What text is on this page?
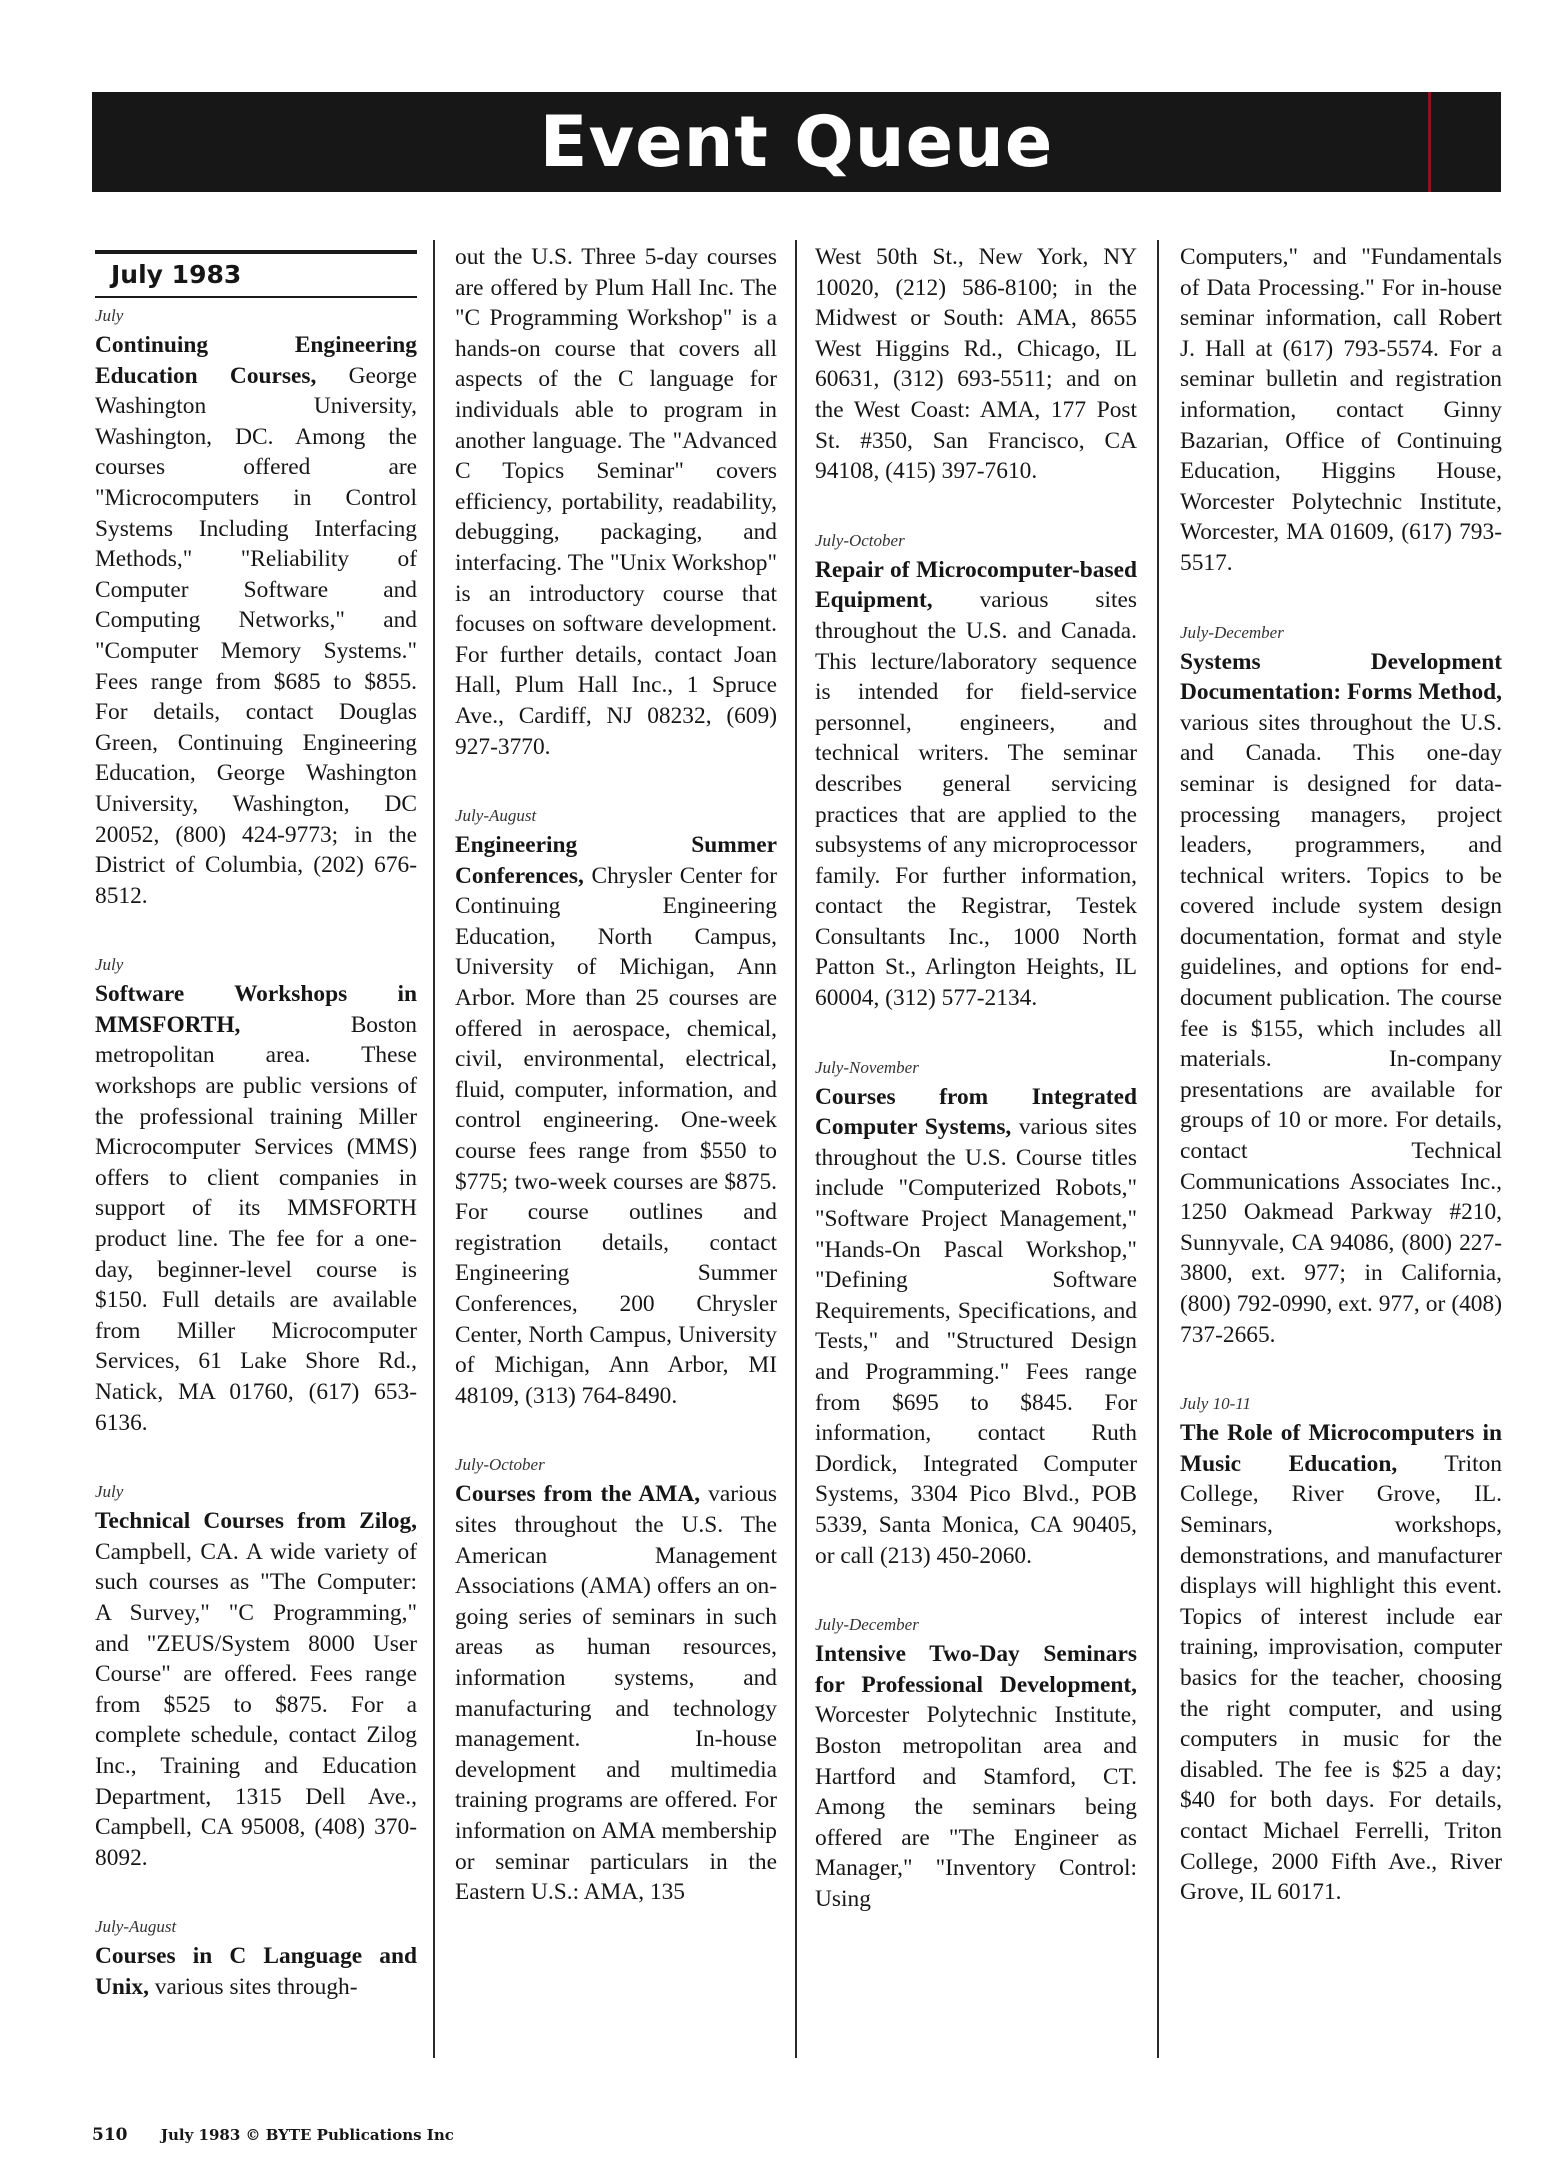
Event Queue
July 1983
July
Continuing Engineering Education Courses, George Washington University, Washington, DC. Among the courses offered are "Microcomputers in Control Systems Including Interfacing Methods," "Reliability of Computer Software and Computing Networks," and "Computer Memory Systems." Fees range from $685 to $855. For details, contact Douglas Green, Continuing Engineering Education, George Washington University, Washington, DC 20052, (800) 424-9773; in the District of Columbia, (202) 676-8512.
July
Software Workshops in MMSFORTH, Boston metropolitan area. These workshops are public versions of the professional training Miller Microcomputer Services (MMS) offers to client companies in support of its MMSFORTH product line. The fee for a one-day, beginner-level course is $150. Full details are available from Miller Microcomputer Services, 61 Lake Shore Rd., Natick, MA 01760, (617) 653-6136.
July
Technical Courses from Zilog, Campbell, CA. A wide variety of such courses as "The Computer: A Survey," "C Programming," and "ZEUS/System 8000 User Course" are offered. Fees range from $525 to $875. For a complete schedule, contact Zilog Inc., Training and Education Department, 1315 Dell Ave., Campbell, CA 95008, (408) 370-8092.
July-August
Courses in C Language and Unix, various sites through-
out the U.S. Three 5-day courses are offered by Plum Hall Inc. The "C Programming Workshop" is a hands-on course that covers all aspects of the C language for individuals able to program in another language. The "Advanced C Topics Seminar" covers efficiency, portability, readability, debugging, packaging, and interfacing. The "Unix Workshop" is an introductory course that focuses on software development. For further details, contact Joan Hall, Plum Hall Inc., 1 Spruce Ave., Cardiff, NJ 08232, (609) 927-3770.
July-August
Engineering Summer Conferences, Chrysler Center for Continuing Engineering Education, North Campus, University of Michigan, Ann Arbor. More than 25 courses are offered in aerospace, chemical, civil, environmental, electrical, fluid, computer, information, and control engineering. One-week course fees range from $550 to $775; two-week courses are $875. For course outlines and registration details, contact Engineering Summer Conferences, 200 Chrysler Center, North Campus, University of Michigan, Ann Arbor, MI 48109, (313) 764-8490.
July-October
Courses from the AMA, various sites throughout the U.S. The American Management Associations (AMA) offers an on-going series of seminars in such areas as human resources, information systems, and manufacturing and technology management. In-house development and multimedia training programs are offered. For information on AMA membership or seminar particulars in the Eastern U.S.: AMA, 135
West 50th St., New York, NY 10020, (212) 586-8100; in the Midwest or South: AMA, 8655 West Higgins Rd., Chicago, IL 60631, (312) 693-5511; and on the West Coast: AMA, 177 Post St. #350, San Francisco, CA 94108, (415) 397-7610.
July-October
Repair of Microcomputer-based Equipment, various sites throughout the U.S. and Canada. This lecture/laboratory sequence is intended for field-service personnel, engineers, and technical writers. The seminar describes general servicing practices that are applied to the subsystems of any microprocessor family. For further information, contact the Registrar, Testek Consultants Inc., 1000 North Patton St., Arlington Heights, IL 60004, (312) 577-2134.
July-November
Courses from Integrated Computer Systems, various sites throughout the U.S. Course titles include "Computerized Robots," "Software Project Management," "Hands-On Pascal Workshop," "Defining Software Requirements, Specifications, and Tests," and "Structured Design and Programming." Fees range from $695 to $845. For information, contact Ruth Dordick, Integrated Computer Systems, 3304 Pico Blvd., POB 5339, Santa Monica, CA 90405, or call (213) 450-2060.
July-December
Intensive Two-Day Seminars for Professional Development, Worcester Polytechnic Institute, Boston metropolitan area and Hartford and Stamford, CT. Among the seminars being offered are "The Engineer as Manager," "Inventory Control: Using
Computers," and "Fundamentals of Data Processing." For in-house seminar information, call Robert J. Hall at (617) 793-5574. For a seminar bulletin and registration information, contact Ginny Bazarian, Office of Continuing Education, Higgins House, Worcester Polytechnic Institute, Worcester, MA 01609, (617) 793-5517.
July-December
Systems Development Documentation: Forms Method, various sites throughout the U.S. and Canada. This one-day seminar is designed for data-processing managers, project leaders, programmers, and technical writers. Topics to be covered include system design documentation, format and style guidelines, and options for end-document publication. The course fee is $155, which includes all materials. In-company presentations are available for groups of 10 or more. For details, contact Technical Communications Associates Inc., 1250 Oakmead Parkway #210, Sunnyvale, CA 94086, (800) 227-3800, ext. 977; in California, (800) 792-0990, ext. 977, or (408) 737-2665.
July 10-11
The Role of Microcomputers in Music Education, Triton College, River Grove, IL. Seminars, workshops, demonstrations, and manufacturer displays will highlight this event. Topics of interest include ear training, improvisation, computer basics for the teacher, choosing the right computer, and using computers in music for the disabled. The fee is $25 a day; $40 for both days. For details, contact Michael Ferrelli, Triton College, 2000 Fifth Ave., River Grove, IL 60171.
510 July 1983 © BYTE Publications Inc
